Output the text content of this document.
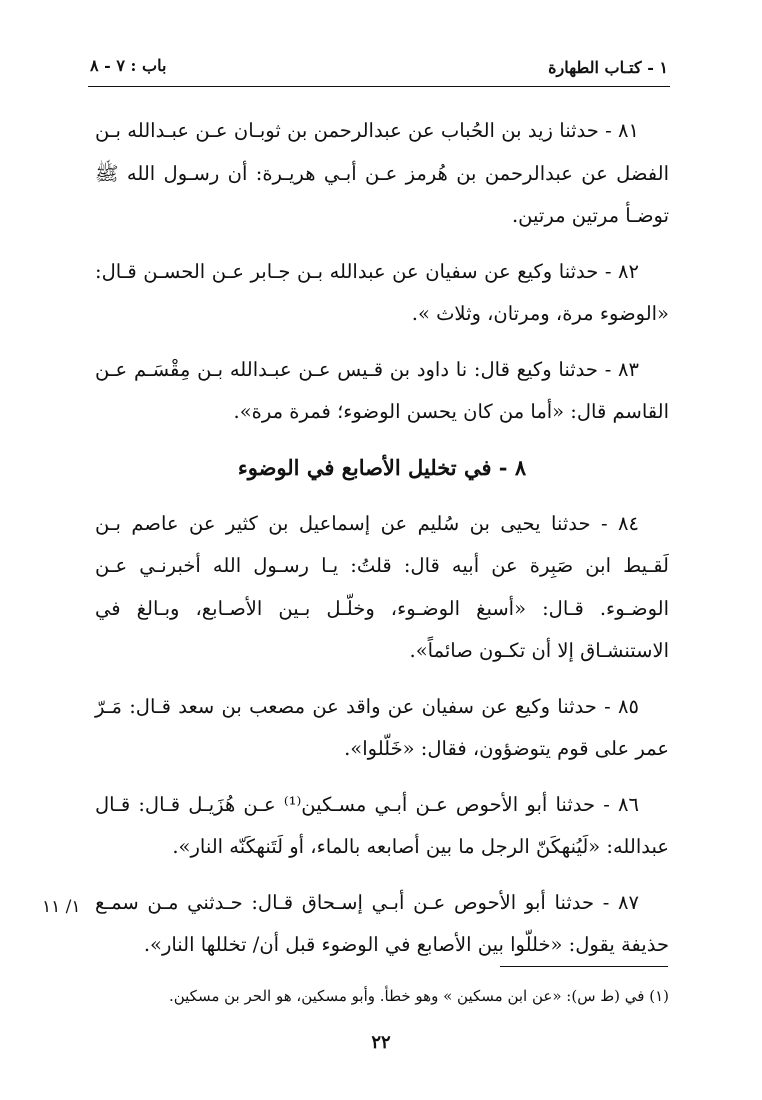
١ - كتـاب الطهارة
باب : ٧ - ٨

٨١ - حدثنا زيد بن الحُباب عن عبدالرحمن بن ثوبـان عـن عبـدالله بـن الفضل عن عبدالرحمن بن هُرمز عـن أبـي هريـرة: أن رسـول الله ﷺ توضـأ مرتين مرتين.

٨٢ - حدثنا وكيع عن سفيان عن عبدالله بـن جـابر عـن الحسـن قـال: «الوضوء مرة، ومرتان، وثلاث ».

٨٣ - حدثنا وكيع قال: نا داود بن قـيس عـن عبـدالله بـن مِقْسَـم عـن القاسم قال: «أما من كان يحسن الوضوء؛ فمرة مرة».

٨ - في تخليل الأصابع في الوضوء

٨٤ - حدثنا يحيى بن سُليم عن إسماعيل بن كثير عن عاصم بـن لَقـيط ابن صَبِرة عن أبيه قال: قلتُ: يـا رسـول الله أخبرنـي عـن الوضـوء. قـال: «أسبغ الوضـوء، وخلّـل بـين الأصـابع، وبـالغ في الاستنشـاق إلا أن تكـون صائماً».

٨٥ - حدثنا وكيع عن سفيان عن واقد عن مصعب بن سعد قـال: مَـرّ عمر على قوم يتوضؤون، فقال: «خَلّلوا».

٨٦ - حدثنا أبو الأحوص عـن أبـي مسـكين⁽¹⁾ عـن هُزَيـل قـال: قـال عبدالله: «لَيُنهكَنّ الرجل ما بين أصابعه بالماء، أو لَتَنهكَنّه النار».

٨٧ - حدثنا أبو الأحوص عـن أبـي إسـحاق قـال: حـدثني مـن سمـع حذيفة يقول: «خللّوا بين الأصابع في الوضوء قبل أن/ تخللها النار».

١/ ١١
(١) في (ط س): «عن ابن مسكين » وهو خطأ. وأبو مسكين، هو الحر بن مسكين.
٢٢
